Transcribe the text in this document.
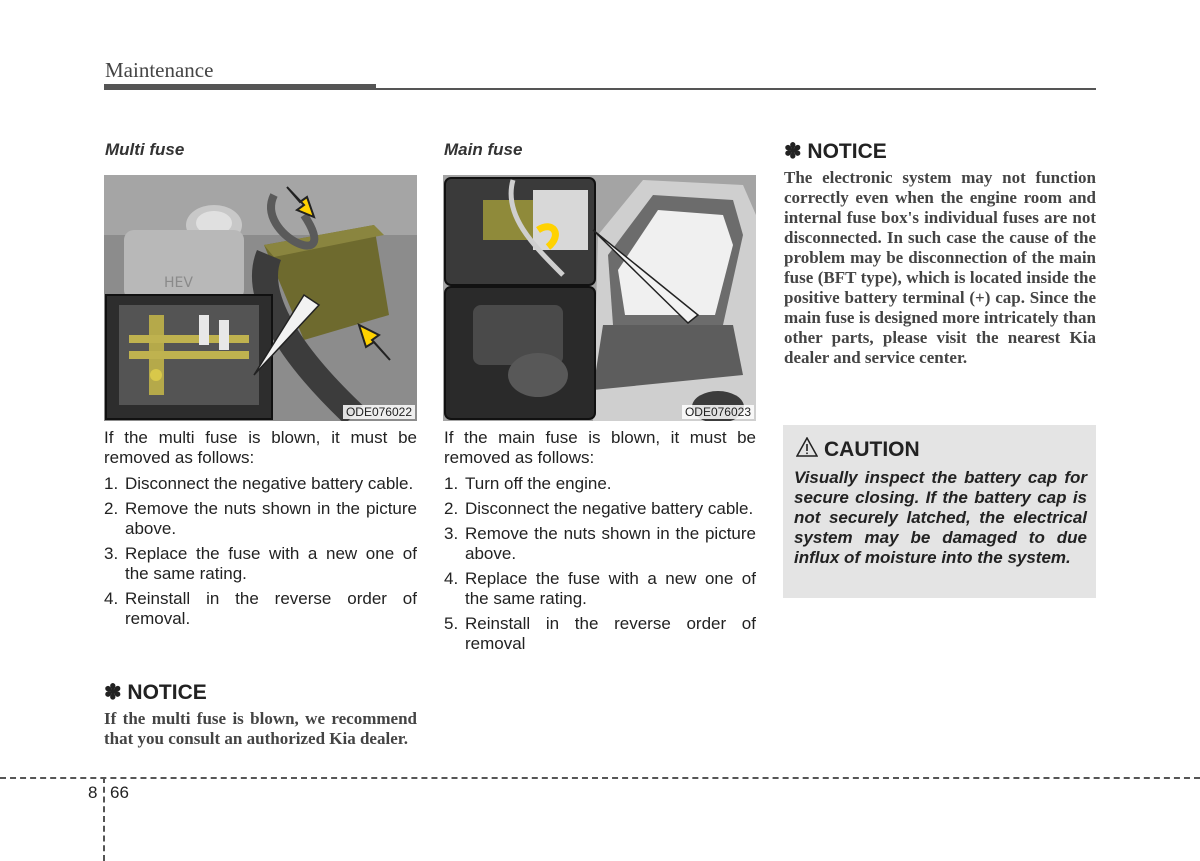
Maintenance
Multi fuse
HEV
ODE076022
If the multi fuse is blown, it must be removed as follows:
1. Disconnect the negative battery cable.
2. Remove the nuts shown in the picture above.
3. Replace the fuse with a new one of the same rating.
4. Reinstall in the reverse order of removal.
✽ NOTICE
If the multi fuse is blown, we recommend that you consult an authorized Kia dealer.
Main fuse
ODE076023
If the main fuse is blown, it must be removed as follows:
1. Turn off the engine.
2. Disconnect the negative battery cable.
3. Remove the nuts shown in the picture above.
4. Replace the fuse with a new one of the same rating.
5. Reinstall in the reverse order of removal
✽ NOTICE
The electronic system may not function correctly even when the engine room and internal fuse box's individual fuses are not disconnected. In such case the cause of the problem may be disconnection of the main fuse (BFT type), which is located inside the positive battery terminal (+) cap. Since the main fuse is designed more intricately than other parts, please visit the nearest Kia dealer and service center.
CAUTION
Visually inspect the battery cap for secure closing. If the battery cap is not securely latched, the electrical system may be damaged to due influx of moisture into the system.
8 66
